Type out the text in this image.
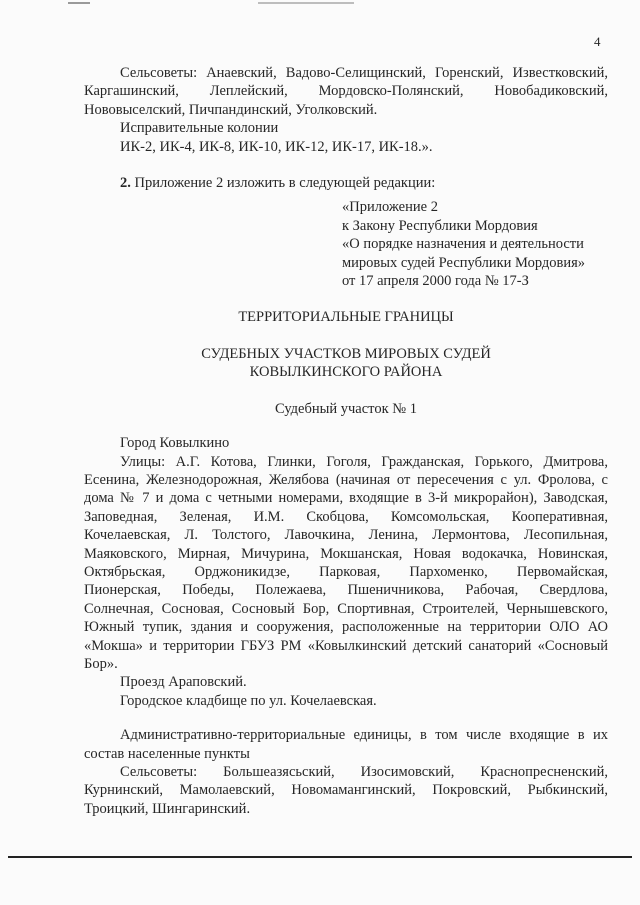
4
Сельсоветы: Анаевский, Вадово-Селищинский, Горенский, Известковский,
Каргашинский, Леплейский, Мордовско-Полянский, Новобадиковский,
Нововыселский, Пичпандинский, Уголковский.
Исправительные колонии
ИК-2, ИК-4, ИК-8, ИК-10, ИК-12, ИК-17, ИК-18.».
2. Приложение 2 изложить в следующей редакции:
«Приложение 2
к Закону Республики Мордовия
«О порядке назначения и деятельности
мировых судей Республики Мордовия»
от 17 апреля 2000 года № 17-З
ТЕРРИТОРИАЛЬНЫЕ ГРАНИЦЫ
СУДЕБНЫХ УЧАСТКОВ МИРОВЫХ СУДЕЙ
КОВЫЛКИНСКОГО РАЙОНА
Судебный участок № 1
Город Ковылкино
Улицы: А.Г. Котова, Глинки, Гоголя, Гражданская, Горького, Дмитрова,
Есенина, Железнодорожная, Желябова (начиная от пересечения с ул. Фролова, с
дома № 7 и дома с четными номерами, входящие в 3-й микрорайон), Заводская,
Заповедная, Зеленая, И.М. Скобцова, Комсомольская, Кооперативная,
Кочелаевская, Л. Толстого, Лавочкина, Ленина, Лермонтова, Лесопильная,
Маяковского, Мирная, Мичурина, Мокшанская, Новая водокачка, Новинская,
Октябрьская, Орджоникидзе, Парковая, Пархоменко, Первомайская,
Пионерская, Победы, Полежаева, Пшеничникова, Рабочая, Свердлова,
Солнечная, Сосновая, Сосновый Бор, Спортивная, Строителей, Чернышевского,
Южный тупик, здания и сооружения, расположенные на территории ОЛО АО
«Мокша» и территории ГБУЗ РМ «Ковылкинский детский санаторий «Сосновый
Бор».
Проезд Араповский.
Городское кладбище по ул. Кочелаевская.
Административно-территориальные единицы, в том числе входящие в их
состав населенные пункты
Сельсоветы: Большеазясьский, Изосимовский, Краснопресненский,
Курнинский, Мамолаевский, Новомамангинский, Покровский, Рыбкинский,
Троицкий, Шингаринский.
